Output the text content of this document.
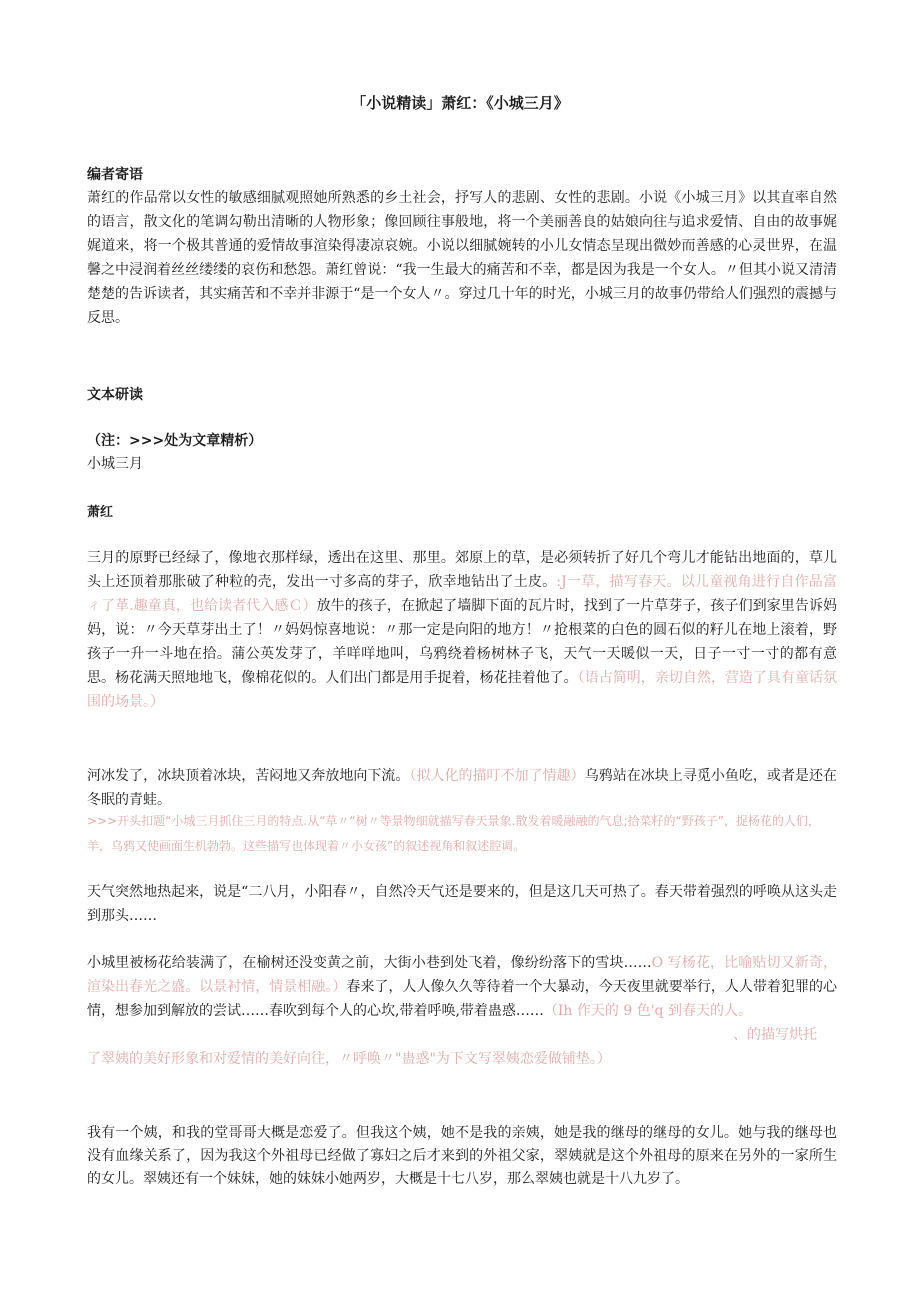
「小说精读」萧红：《小城三月》
编者寄语

萧红的作品常以女性的敏感细腻观照她所熟悉的乡土社会，抒写人的悲剧、女性的悲剧。小说《小城三月》以其直率自然的语言，散文化的笔调勾勒出清晰的人物形象；像回顾往事般地，将一个美丽善良的姑娘向往与追求爱情、自由的故事娓娓道来，将一个极其普通的爱情故事渲染得凄凉哀婉。小说以细腻婉转的小儿女情态呈现出微妙而善感的心灵世界，在温馨之中浸润着丝丝缕缕的哀伤和愁怨。萧红曾说：“我一生最大的痛苦和不幸，都是因为我是一个女人。〃但其小说又清清楚楚的告诉读者，其实痛苦和不幸并非源于“是一个女人〃。穿过几十年的时光，小城三月的故事仍带给人们强烈的震撼与反思。

文本研读
（注：>>>处为文章精析）
小城三月
萧红

三月的原野已经绿了，像地衣那样绿，透出在这里、那里。郊原上的草，是必须转折了好几个弯儿才能钻出地面的，草儿头上还顶着那胀破了种粒的壳，发出一寸多高的芽子，欣幸地钻出了土皮。:J一草，描写春天。以儿童视角进行自作品富ㄔ了革.趣童真，也给读者代入感Ｃ）放牛的孩子，在掀起了墙脚下面的瓦片时，找到了一片草芽子，孩子们到家里告诉妈妈，说：〃今天草芽出土了！〃妈妈惊喜地说：〃那一定是向阳的地方！〃抢根菜的白色的圆石似的籽儿在地上滚着，野孩子一升一斗地在拾。蒲公英发芽了，羊咩咩地叫，乌鸦绕着杨树林子飞，天气一天暖似一天，日子一寸一寸的都有意思。杨花满天照地地飞，像棉花似的。人们出门都是用手捉着，杨花挂着他了。（语占简明，亲切自然，营造了具有童话氛围的场景。）

河冰发了，冰块顶着冰块，苦闷地又奔放地向下流。（拟人化的描叮不加了情趣）乌鸦站在冰块上寻觅小鱼吃，或者是还在冬眠的青蛙。

>>>开头扣题“小城三月抓住三月的特点.从“草〃“树〃等景物细就描写春天景象.散发着暖融融的气息;拾菜籽的“野孩子”，捉杨花的人们，羊，乌鸦又使画面生机勃勃。这些描写也体现着〃小女孩”的叙述视角和叙述腔调。

天气突然地热起来，说是“二八月，小阳春〃，自然冷天气还是要来的，但是这几天可热了。春天带着强烈的呼唤从这头走到那头……

小城里被杨花给装满了，在榆树还没变黄之前，大街小巷到处飞着，像纷纷落下的雪块……O 写杨花，比喻贴切又新奇，渲染出春光之盛。以景衬情，情景相融。）春来了，人人像久久等待着一个大暴动，今天夜里就要举行，人人带着犯罪的心情，想参加到解放的尝试……春吹到每个人的心坎,带着呼唤,带着蛊惑……（Ih 作天的 9 色'q 到春天的人。

、的描写烘托
了翠姨的美好形象和对爱情的美好向往，〃呼唤〃"蛊惑"为下文写翠姨恋爱做铺垫。）

我有一个姨，和我的堂哥哥大概是恋爱了。但我这个姨，她不是我的亲姨，她是我的继母的继母的女儿。她与我的继母也没有血缘关系了，因为我这个外祖母已经做了寡妇之后才来到的外祖父家，翠姨就是这个外祖母的原来在另外的一家所生的女儿。翠姨还有一个妹妹，她的妹妹小她两岁，大概是十七八岁，那么翠姨也就是十八九岁了。
